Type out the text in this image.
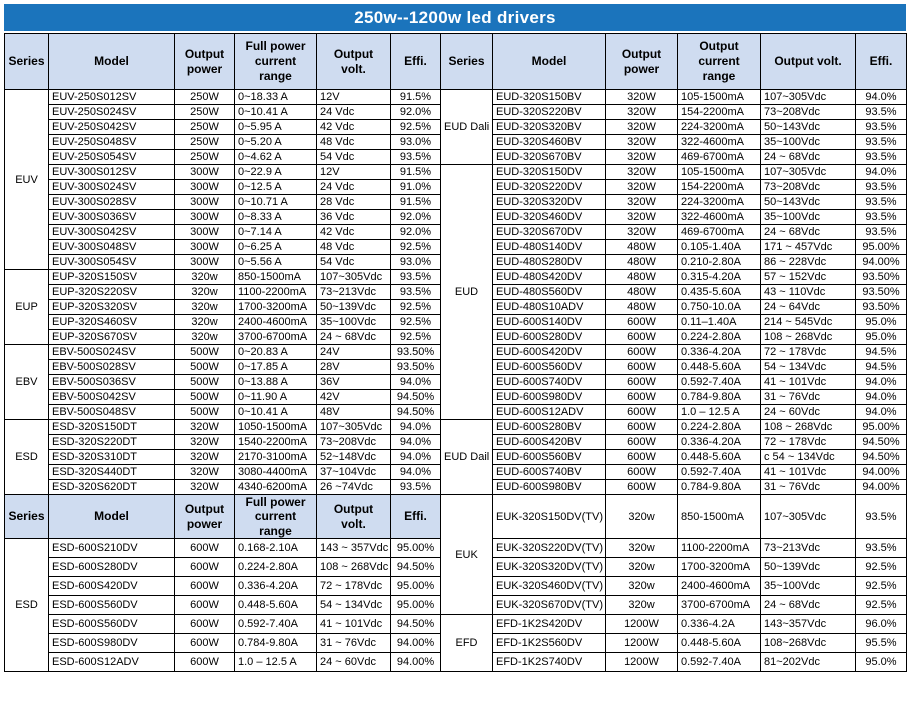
250w--1200w led drivers
Series	Model	Output power	Full power current range	Output volt.	Effi.	Series	Model	Output power	Output current range	Output volt.	Effi.
EUV	EUV-250S012SV	250W	0~18.33 A	12V	91.5%	EUD Dali	EUD-320S150BV	320W	105-1500mA	107~305Vdc	94.0%
	EUV-250S024SV	250W	0~10.41 A	24 Vdc	92.0%		EUD-320S220BV	320W	154-2200mA	73~208Vdc	93.5%
	EUV-250S042SV	250W	0~5.95 A	42 Vdc	92.5%		EUD-320S320BV	320W	224-3200mA	50~143Vdc	93.5%
	EUV-250S048SV	250W	0~5.20 A	48 Vdc	93.0%		EUD-320S460BV	320W	322-4600mA	35~100Vdc	93.5%
	EUV-250S054SV	250W	0~4.62 A	54 Vdc	93.5%		EUD-320S670BV	320W	469-6700mA	24 ~ 68Vdc	93.5%
	EUV-300S012SV	300W	0~22.9 A	12V	91.5%	EUD	EUD-320S150DV	320W	105-1500mA	107~305Vdc	94.0%
	EUV-300S024SV	300W	0~12.5 A	24 Vdc	91.0%		EUD-320S220DV	320W	154-2200mA	73~208Vdc	93.5%
	EUV-300S028SV	300W	0~10.71 A	28 Vdc	91.5%		EUD-320S320DV	320W	224-3200mA	50~143Vdc	93.5%
	EUV-300S036SV	300W	0~8.33 A	36 Vdc	92.0%		EUD-320S460DV	320W	322-4600mA	35~100Vdc	93.5%
	EUV-300S042SV	300W	0~7.14 A	42 Vdc	92.0%		EUD-320S670DV	320W	469-6700mA	24 ~ 68Vdc	93.5%
	EUV-300S048SV	300W	0~6.25 A	48 Vdc	92.5%		EUD-480S140DV	480W	0.105-1.40A	171 ~ 457Vdc	95.00%
	EUV-300S054SV	300W	0~5.56 A	54 Vdc	93.0%		EUD-480S280DV	480W	0.210-2.80A	86 ~ 228Vdc	94.00%
EUP	EUP-320S150SV	320w	850-1500mA	107~305Vdc	93.5%		EUD-480S420DV	480W	0.315-4.20A	57 ~ 152Vdc	93.50%
	EUP-320S220SV	320w	1100-2200mA	73~213Vdc	93.5%		EUD-480S560DV	480W	0.435-5.60A	43 ~ 110Vdc	93.50%
	EUP-320S320SV	320w	1700-3200mA	50~139Vdc	92.5%		EUD-480S10ADV	480W	0.750-10.0A	24 ~ 64Vdc	93.50%
	EUP-320S460SV	320w	2400-4600mA	35~100Vdc	92.5%		EUD-600S140DV	600W	0.11–1.40A	214 ~ 545Vdc	95.0%
	EUP-320S670SV	320w	3700-6700mA	24 ~ 68Vdc	92.5%		EUD-600S280DV	600W	0.224-2.80A	108 ~ 268Vdc	95.0%
EBV	EBV-500S024SV	500W	0~20.83 A	24V	93.50%		EUD-600S420DV	600W	0.336-4.20A	72 ~ 178Vdc	94.5%
	EBV-500S028SV	500W	0~17.85 A	28V	93.50%		EUD-600S560DV	600W	0.448-5.60A	54 ~ 134Vdc	94.5%
	EBV-500S036SV	500W	0~13.88 A	36V	94.0%		EUD-600S740DV	600W	0.592-7.40A	41 ~ 101Vdc	94.0%
	EBV-500S042SV	500W	0~11.90 A	42V	94.50%		EUD-600S980DV	600W	0.784-9.80A	31 ~ 76Vdc	94.0%
	EBV-500S048SV	500W	0~10.41 A	48V	94.50%		EUD-600S12ADV	600W	1.0 – 12.5 A	24 ~ 60Vdc	94.0%
ESD	ESD-320S150DT	320W	1050-1500mA	107~305Vdc	94.0%	EUD Dail	EUD-600S280BV	600W	0.224-2.80A	108 ~ 268Vdc	95.00%
	ESD-320S220DT	320W	1540-2200mA	73~208Vdc	94.0%		EUD-600S420BV	600W	0.336-4.20A	72 ~ 178Vdc	94.50%
	ESD-320S310DT	320W	2170-3100mA	52~148Vdc	94.0%		EUD-600S560BV	600W	0.448-5.60A	c 54 ~ 134Vdc	94.50%
	ESD-320S440DT	320W	3080-4400mA	37~104Vdc	94.0%		EUD-600S740BV	600W	0.592-7.40A	41 ~ 101Vdc	94.00%
	ESD-320S620DT	320W	4340-6200mA	26 ~74Vdc	93.5%		EUD-600S980BV	600W	0.784-9.80A	31 ~ 76Vdc	94.00%
Series	Model	Output power	Full power current range	Output volt.	Effi.	EUK	EUK-320S150DV(TV)	320w	850-1500mA	107~305Vdc	93.5%
ESD	ESD-600S210DV	600W	0.168-2.10A	143 ~ 357Vdc	95.00%		EUK-320S220DV(TV)	320w	1100-2200mA	73~213Vdc	93.5%
	ESD-600S280DV	600W	0.224-2.80A	108 ~ 268Vdc	94.50%		EUK-320S320DV(TV)	320w	1700-3200mA	50~139Vdc	92.5%
	ESD-600S420DV	600W	0.336-4.20A	72 ~ 178Vdc	95.00%		EUK-320S460DV(TV)	320w	2400-4600mA	35~100Vdc	92.5%
	ESD-600S560DV	600W	0.448-5.60A	54 ~ 134Vdc	95.00%		EUK-320S670DV(TV)	320w	3700-6700mA	24 ~ 68Vdc	92.5%
	ESD-600S560DV	600W	0.592-7.40A	41 ~ 101Vdc	94.50%	EFD	EFD-1K2S420DV	1200W	0.336-4.2A	143~357Vdc	96.0%
	ESD-600S980DV	600W	0.784-9.80A	31 ~ 76Vdc	94.00%		EFD-1K2S560DV	1200W	0.448-5.60A	108~268Vdc	95.5%
	ESD-600S12ADV	600W	1.0 – 12.5 A	24 ~ 60Vdc	94.00%		EFD-1K2S740DV	1200W	0.592-7.40A	81~202Vdc	95.0%
